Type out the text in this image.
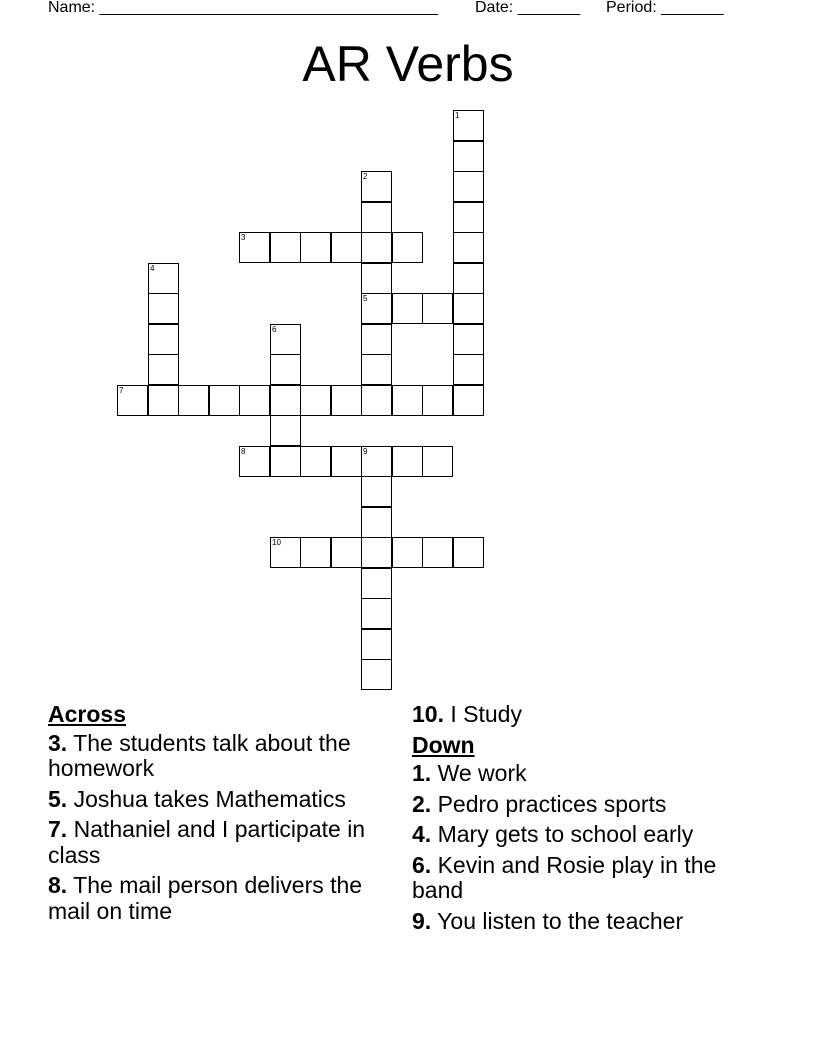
Name: ______________________________________

Date: _______

Period: _______

AR Verbs
1
2
5
3
4
6
7
8	9
10
Across
3. The students talk about the homework
5. Joshua takes Mathematics
7. Nathaniel and I participate in class
8. The mail person delivers the mail on time
10. I Study
Down
1. We work
2. Pedro practices sports
4. Mary gets to school early
6. Kevin and Rosie play in the band
9. You listen to the teacher
